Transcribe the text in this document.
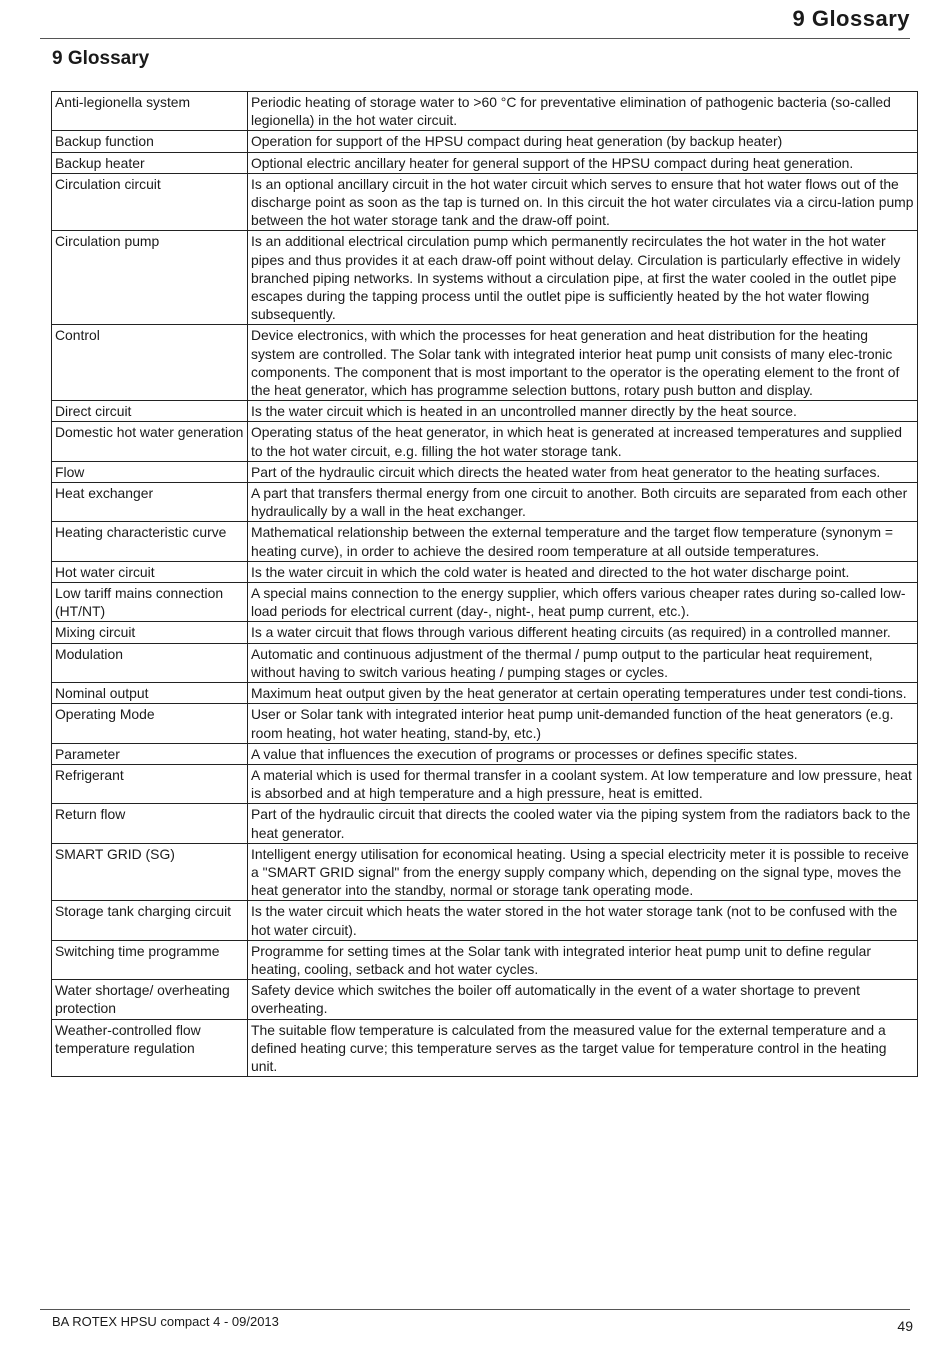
9 Glossary
9 Glossary
Anti-legionella system	Periodic heating of storage water to >60 °C for preventative elimination of pathogenic bacteria (so-called legionella) in the hot water circuit.
Backup function	Operation for support of the HPSU compact during heat generation (by backup heater)
Backup heater	Optional electric ancillary heater for general support of the HPSU compact during heat generation.
Circulation circuit	Is an optional ancillary circuit in the hot water circuit which serves to ensure that hot water flows out of the discharge point as soon as the tap is turned on. In this circuit the hot water circulates via a circu-lation pump between the hot water storage tank and the draw-off point.
Circulation pump	Is an additional electrical circulation pump which permanently recirculates the hot water in the hot water pipes and thus provides it at each draw-off point without delay. Circulation is particularly effective in widely branched piping networks. In systems without a circulation pipe, at first the water cooled in the outlet pipe escapes during the tapping process until the outlet pipe is sufficiently heated by the hot water flowing subsequently.
Control	Device electronics, with which the processes for heat generation and heat distribution for the heating system are controlled. The Solar tank with integrated interior heat pump unit consists of many elec-tronic components. The component that is most important to the operator is the operating element to the front of the heat generator, which has programme selection buttons, rotary push button and display.
Direct circuit	Is the water circuit which is heated in an uncontrolled manner directly by the heat source.
Domestic hot water generation	Operating status of the heat generator, in which heat is generated at increased temperatures and supplied to the hot water circuit, e.g. filling the hot water storage tank.
Flow	Part of the hydraulic circuit which directs the heated water from heat generator to the heating surfaces.
Heat exchanger	A part that transfers thermal energy from one circuit to another. Both circuits are separated from each other hydraulically by a wall in the heat exchanger.
Heating characteristic curve	Mathematical relationship between the external temperature and the target flow temperature (synonym = heating curve), in order to achieve the desired room temperature at all outside temperatures.
Hot water circuit	Is the water circuit in which the cold water is heated and directed to the hot water discharge point.
Low tariff mains connection (HT/NT)	A special mains connection to the energy supplier, which offers various cheaper rates during so-called low-load periods for electrical current (day-, night-, heat pump current, etc.).
Mixing circuit	Is a water circuit that flows through various different heating circuits (as required) in a controlled manner.
Modulation	Automatic and continuous adjustment of the thermal / pump output to the particular heat requirement, without having to switch various heating / pumping stages or cycles.
Nominal output	Maximum heat output given by the heat generator at certain operating temperatures under test condi-tions.
Operating Mode	User or Solar tank with integrated interior heat pump unit-demanded function of the heat generators (e.g. room heating, hot water heating, stand-by, etc.)
Parameter	A value that influences the execution of programs or processes or defines specific states.
Refrigerant	A material which is used for thermal transfer in a coolant system. At low temperature and low pressure, heat is absorbed and at high temperature and a high pressure, heat is emitted.
Return flow	Part of the hydraulic circuit that directs the cooled water via the piping system from the radiators back to the heat generator.
SMART GRID (SG)	Intelligent energy utilisation for economical heating. Using a special electricity meter it is possible to receive a "SMART GRID signal" from the energy supply company which, depending on the signal type, moves the heat generator into the standby, normal or storage tank operating mode.
Storage tank charging circuit	Is the water circuit which heats the water stored in the hot water storage tank (not to be confused with the hot water circuit).
Switching time programme	Programme for setting times at the Solar tank with integrated interior heat pump unit to define regular heating, cooling, setback and hot water cycles.
Water shortage/ overheating protection	Safety device which switches the boiler off automatically in the event of a water shortage to prevent overheating.
Weather-controlled flow temperature regulation	The suitable flow temperature is calculated from the measured value for the external temperature and a defined heating curve; this temperature serves as the target value for temperature control in the heating unit.
BA ROTEX HPSU compact 4 - 09/2013	49
